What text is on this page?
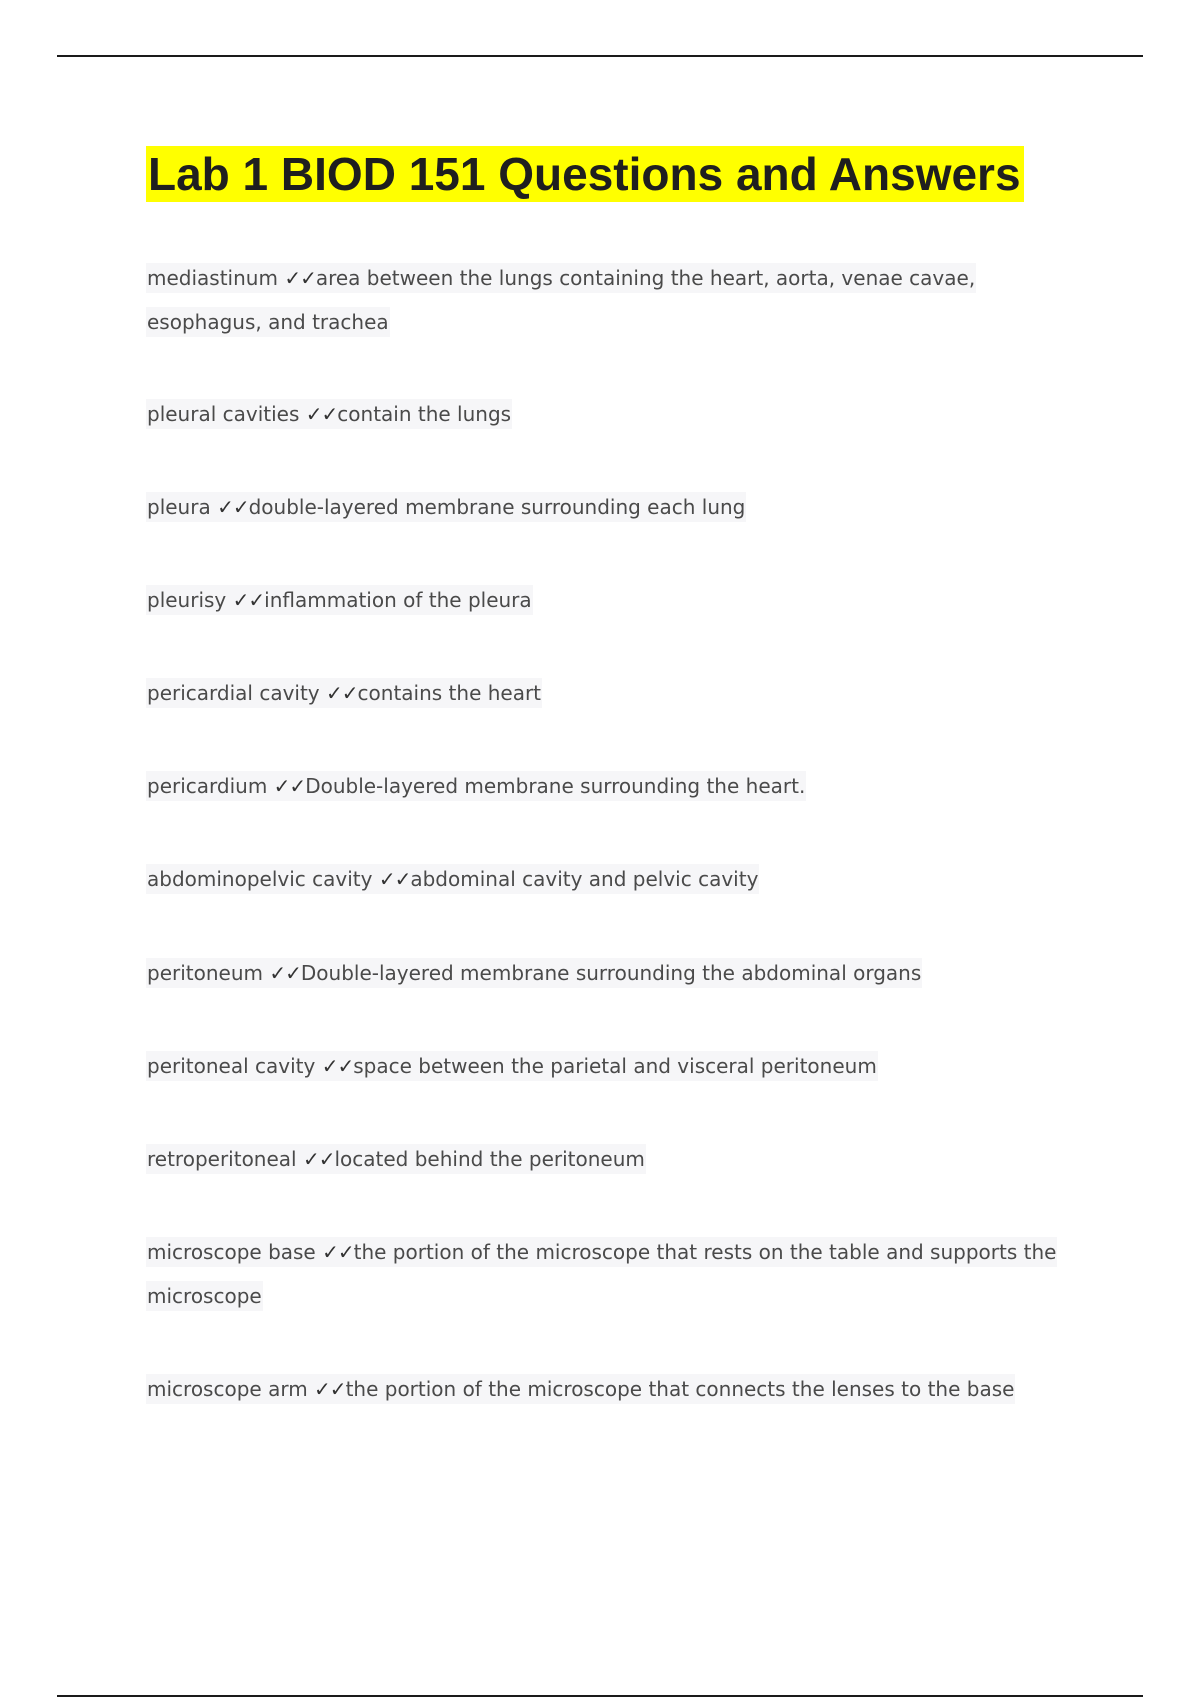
Lab 1 BIOD 151 Questions and Answers
mediastinum ✓✓area between the lungs containing the heart, aorta, venae cavae, esophagus, and trachea
pleural cavities ✓✓contain the lungs
pleura ✓✓double-layered membrane surrounding each lung
pleurisy ✓✓inflammation of the pleura
pericardial cavity ✓✓contains the heart
pericardium ✓✓Double-layered membrane surrounding the heart.
abdominopelvic cavity ✓✓abdominal cavity and pelvic cavity
peritoneum ✓✓Double-layered membrane surrounding the abdominal organs
peritoneal cavity ✓✓space between the parietal and visceral peritoneum
retroperitoneal ✓✓located behind the peritoneum
microscope base ✓✓the portion of the microscope that rests on the table and supports the microscope
microscope arm ✓✓the portion of the microscope that connects the lenses to the base
